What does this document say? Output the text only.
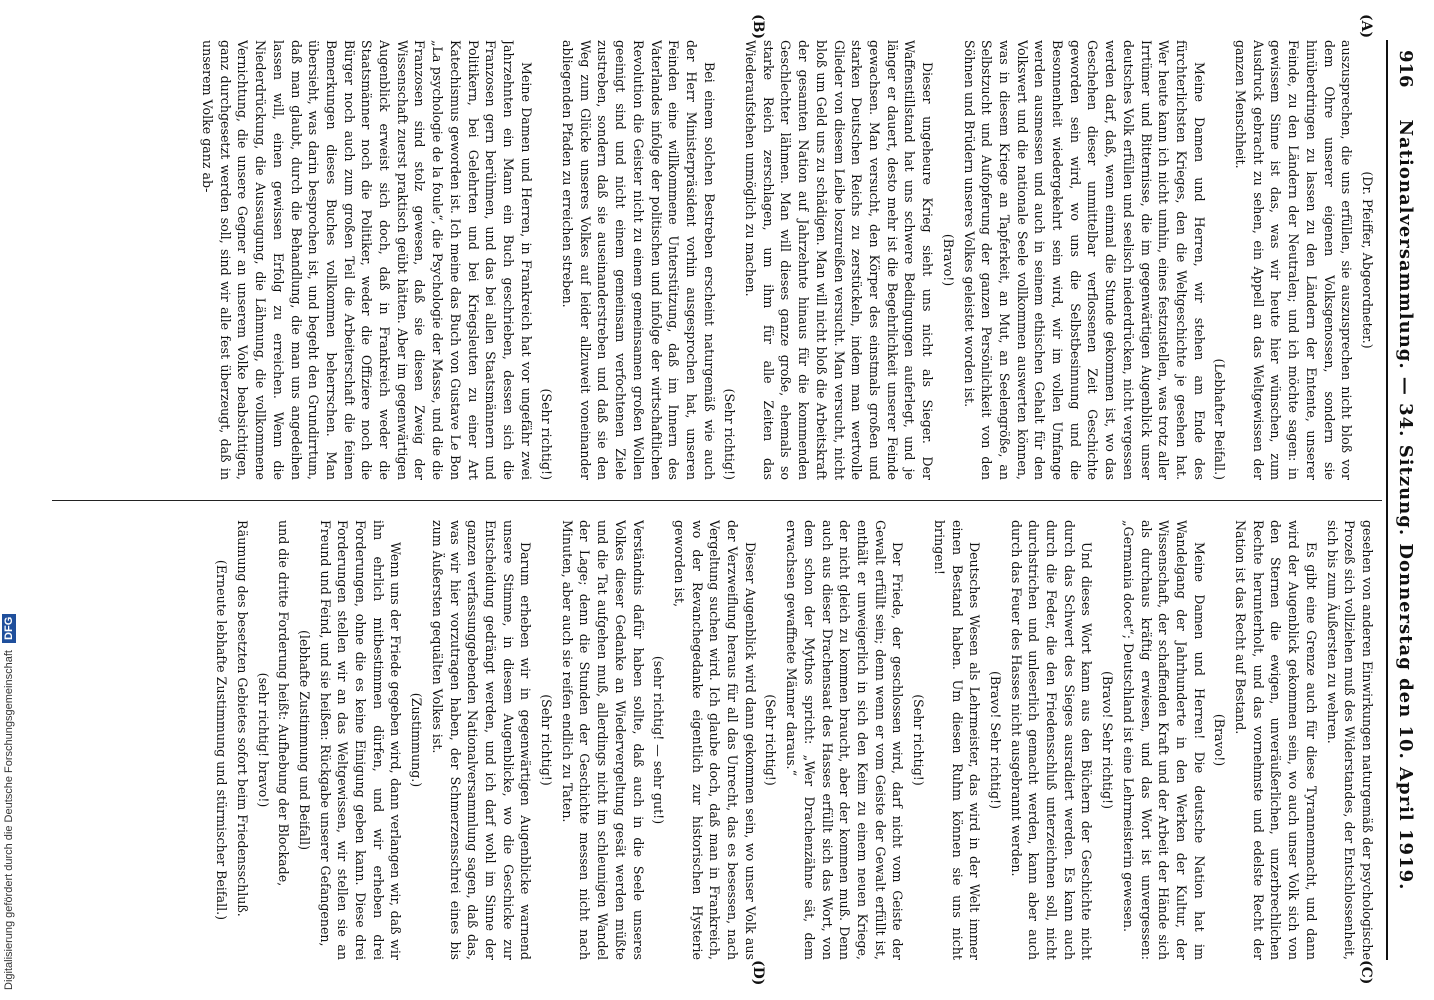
Digitalisierung gefördert durch die Deutsche Forschungsgemeinschaft DFG
916
Nationalversammlung. — 34. Sitzung. Donnerstag den 10. April 1919.
(A)
(B)
(C)
(D)

(Dr. Pfeiffer, Abgeordneter.)

auszusprechen, die uns erfüllen, sie auszusprechen nicht bloß vor dem Ohre unserer eigenen Volksgenossen, sondern sie hinüberdringen zu lassen zu den Ländern der Entente, unserer Feinde, zu den Ländern der Neutralen; und ich möchte sagen: in gewissem Sinne ist das, was wir heute hier wünschen, zum Ausdruck gebracht zu sehen, ein Appell an das Weltgewissen der ganzen Menschheit.

(Lebhafter Beifall.)

Meine Damen und Herren, wir stehen am Ende des fürchterlichsten Krieges, den die Weltgeschichte je gesehen hat. Wer heute kann ich nicht umhin, eines festzustellen, was trotz aller Irrtümer und Bitternisse, die im gegenwärtigen Augenblick unser deutsches Volk erfüllen und seelisch niederdrücken, nicht vergessen werden darf, daß, wenn einmal die Stunde gekommen ist, wo das Geschehen dieser unmittelbar verflossenen Zeit Geschichte geworden sein wird, wo uns die Selbstbesinnung und die Besonnenheit wiedergekehrt sein wird, wir im vollen Umfange werden ausmessen und auch in seinem ethischen Gehalt für den Volkswert und die nationale Seele vollkommen auswerten können, was in diesem Kriege an Tapferkeit, an Mut, an Seelengröße, an Selbstzucht und Aufopferung der ganzen Persönlichkeit von den Söhnen und Brüdern unseres Volkes geleistet worden ist.

(Bravo!)

Dieser ungeheure Krieg sieht uns nicht als Sieger. Der Waffenstillstand hat uns schwere Bedingungen auferlegt, und je länger er dauert, desto mehr ist die Begehrlichkeit unserer Feinde gewachsen. Man versucht, den Körper des einstmals großen und starken Deutschen Reichs zu zerstückeln, indem man wertvolle Glieder von diesem Leibe loszureißen versucht. Man versucht, nicht bloß um Geld uns zu schädigen. Man will nicht bloß die Arbeitskraft der gesamten Nation auf Jahrzehnte hinaus für die kommenden Geschlechter lähmen. Man will dieses ganze große, ehemals so starke Reich zerschlagen, um ihm für alle Zeiten das Wiederaufstehen unmöglich zu machen.

(Sehr richtig!)

Bei einem solchen Bestreben erscheint naturgemäß wie auch der Herr Ministerpräsident vorhin ausgesprochen hat, unseren Feinden eine willkommene Unterstützung, daß im Innern des Vaterlandes infolge der politischen und infolge der wirtschaftlichen Revolution die Geister nicht zu einem gemeinsamen großen Wollen geeinigt sind und nicht einem gemeinsam verfochtenen Ziele zustreben, sondern daß sie auseinanderstreben und daß sie den Weg zum Glücke unseres Volkes auf leider allzuweit voneinander abliegenden Pfaden zu erreichen streben.

(Sehr richtig!)

Meine Damen und Herren, in Frankreich hat vor ungefähr zwei Jahrzehnten ein Mann ein Buch geschrieben, dessen sich die Franzosen gern berühmen, und das bei allen Staatsmännern und Politikern, bei Gelehrten und bei Kriegsleuten zu einer Art Katechismus geworden ist. Ich meine das Buch von Gustave Le Bon „La psychologie de la foule“, die Psychologie der Masse, und die die Franzosen sind stolz gewesen, daß sie diesen Zweig der Wissenschaft zuerst praktisch geübt hätten. Aber im gegenwärtigen Augenblick erweist sich doch, daß in Frankreich weder die Staatsmänner noch die Politiker, weder die Offiziere noch die Bürger noch auch zum großen Teil die Arbeiterschaft die feinen Bemerkungen dieses Buches vollkommen beherrschen. Man übersieht, was darin besprochen ist, und begeht den Grundirrtum, daß man glaubt, durch die Behandlung, die man uns angedeihen lassen will, einen gewissen Erfolg zu erreichen. Wenn die Niederdrückung, die Aussaugung, die Lähmung, die vollkommene Vernichtung, die unsere Gegner an unserem Volke beabsichtigen, ganz durchgesetzt werden soll, sind wir alle fest überzeugt, daß in unserem Volke ganz ab-

gesehen von anderen Einwirkungen naturgemäß der psychologische Prozeß sich vollziehen muß des Widerstandes, der Entschlossenheit, sich bis zum Äußersten zu wehren.

Es gibt eine Grenze auch für diese Tyrannenmacht, und dann wird der Augenblick gekommen sein, wo auch unser Volk sich von den Sternen die ewigen, unveräußerlichen, unzerbrechlichen Rechte herunterholt, und das vornehmste und edelste Recht der Nation ist das Recht auf Bestand.

(Bravo!)

Meine Damen und Herren! Die deutsche Nation hat im Wandelgang der Jahrhunderte in den Werken der Kultur, der Wissenschaft, der schaffenden Kraft und der Arbeit der Hände sich als durchaus kräftig erwiesen, und das Wort ist unvergessen: „Germania docet“; Deutschland ist eine Lehrmeisterin gewesen.

(Bravo! Sehr richtig!)

Und dieses Wort kann aus den Büchern der Geschichte nicht durch das Schwert des Sieges ausradiert werden. Es kann auch durch die Feder, die den Friedensschluß unterzeichnen soll, nicht durchstrichen und unleserlich gemacht werden, kann aber auch durch das Feuer des Hasses nicht ausgebrannt werden.

(Bravo! Sehr richtig!)

Deutsches Wesen als Lehrmeister, das wird in der Welt immer einen Bestand haben. Um diesen Ruhm können sie uns nicht bringen!

(Sehr richtig!)

Der Friede, der geschlossen wird, darf nicht vom Geiste der Gewalt erfüllt sein; denn wenn er vom Geiste der Gewalt erfüllt ist, enthält er unweigerlich in sich den Keim zu einem neuen Kriege, der nicht gleich zu kommen braucht, aber der kommen muß. Denn auch aus dieser Drachensaat des Hasses erfüllt sich das Wort, von dem schon der Mythos spricht: „Wer Drachenzähne sät, dem erwachsen gewaffnete Männer daraus.“

(Sehr richtig!)

Dieser Augenblick wird dann gekommen sein, wo unser Volk aus der Verzweiflung heraus für all das Unrecht, das es besessen, nach Vergeltung suchen wird. Ich glaube doch, daß man in Frankreich, wo der Revanchegedanke eigentlich zur historischen Hysterie geworden ist,

(sehr richtig! — sehr gut!)

Verständnis dafür haben sollte, daß auch in die Seele unseres Volkes dieser Gedanke an Wiedervergeltung gesät werden müßte und die Tat aufgehen muß, allerdings nicht im schleunigen Wandel der Lage; denn die Stunden der Geschichte messen nicht nach Minuten, aber auch sie reifen endlich zu Taten.

(Sehr richtig!)

Darum erheben wir in gegenwärtigen Augenblicke warnend unsere Stimme, in diesem Augenblicke, wo die Geschicke zur Entscheidung gedrängt werden, und ich darf wohl im Sinne der ganzen verfassunggebenden Nationalversammlung sagen, daß das, was wir hier vorzutragen haben, der Schmerzensschrei eines bis zum Äußersten gequälten Volkes ist.

(Zustimmung.)

Wenn uns der Friede gegeben wird, dann verlangen wir, daß wir ihn ehrlich mitbestimmen dürfen, und wir erheben drei Forderungen, ohne die es keine Einigung geben kann. Diese drei Forderungen stellen wir an das Weltgewissen, wir stellen sie an Freund und Feind, und sie heißen: Rückgabe unserer Gefangenen,

(lebhafte Zustimmung und Beifall)

und die dritte Forderung heißt: Aufhebung der Blockade,

(sehr richtig! bravo!)

Räumung des besetzten Gebietes sofort beim Friedensschluß.

(Erneute lebhafte Zustimmung und stürmischer Beifall.)
